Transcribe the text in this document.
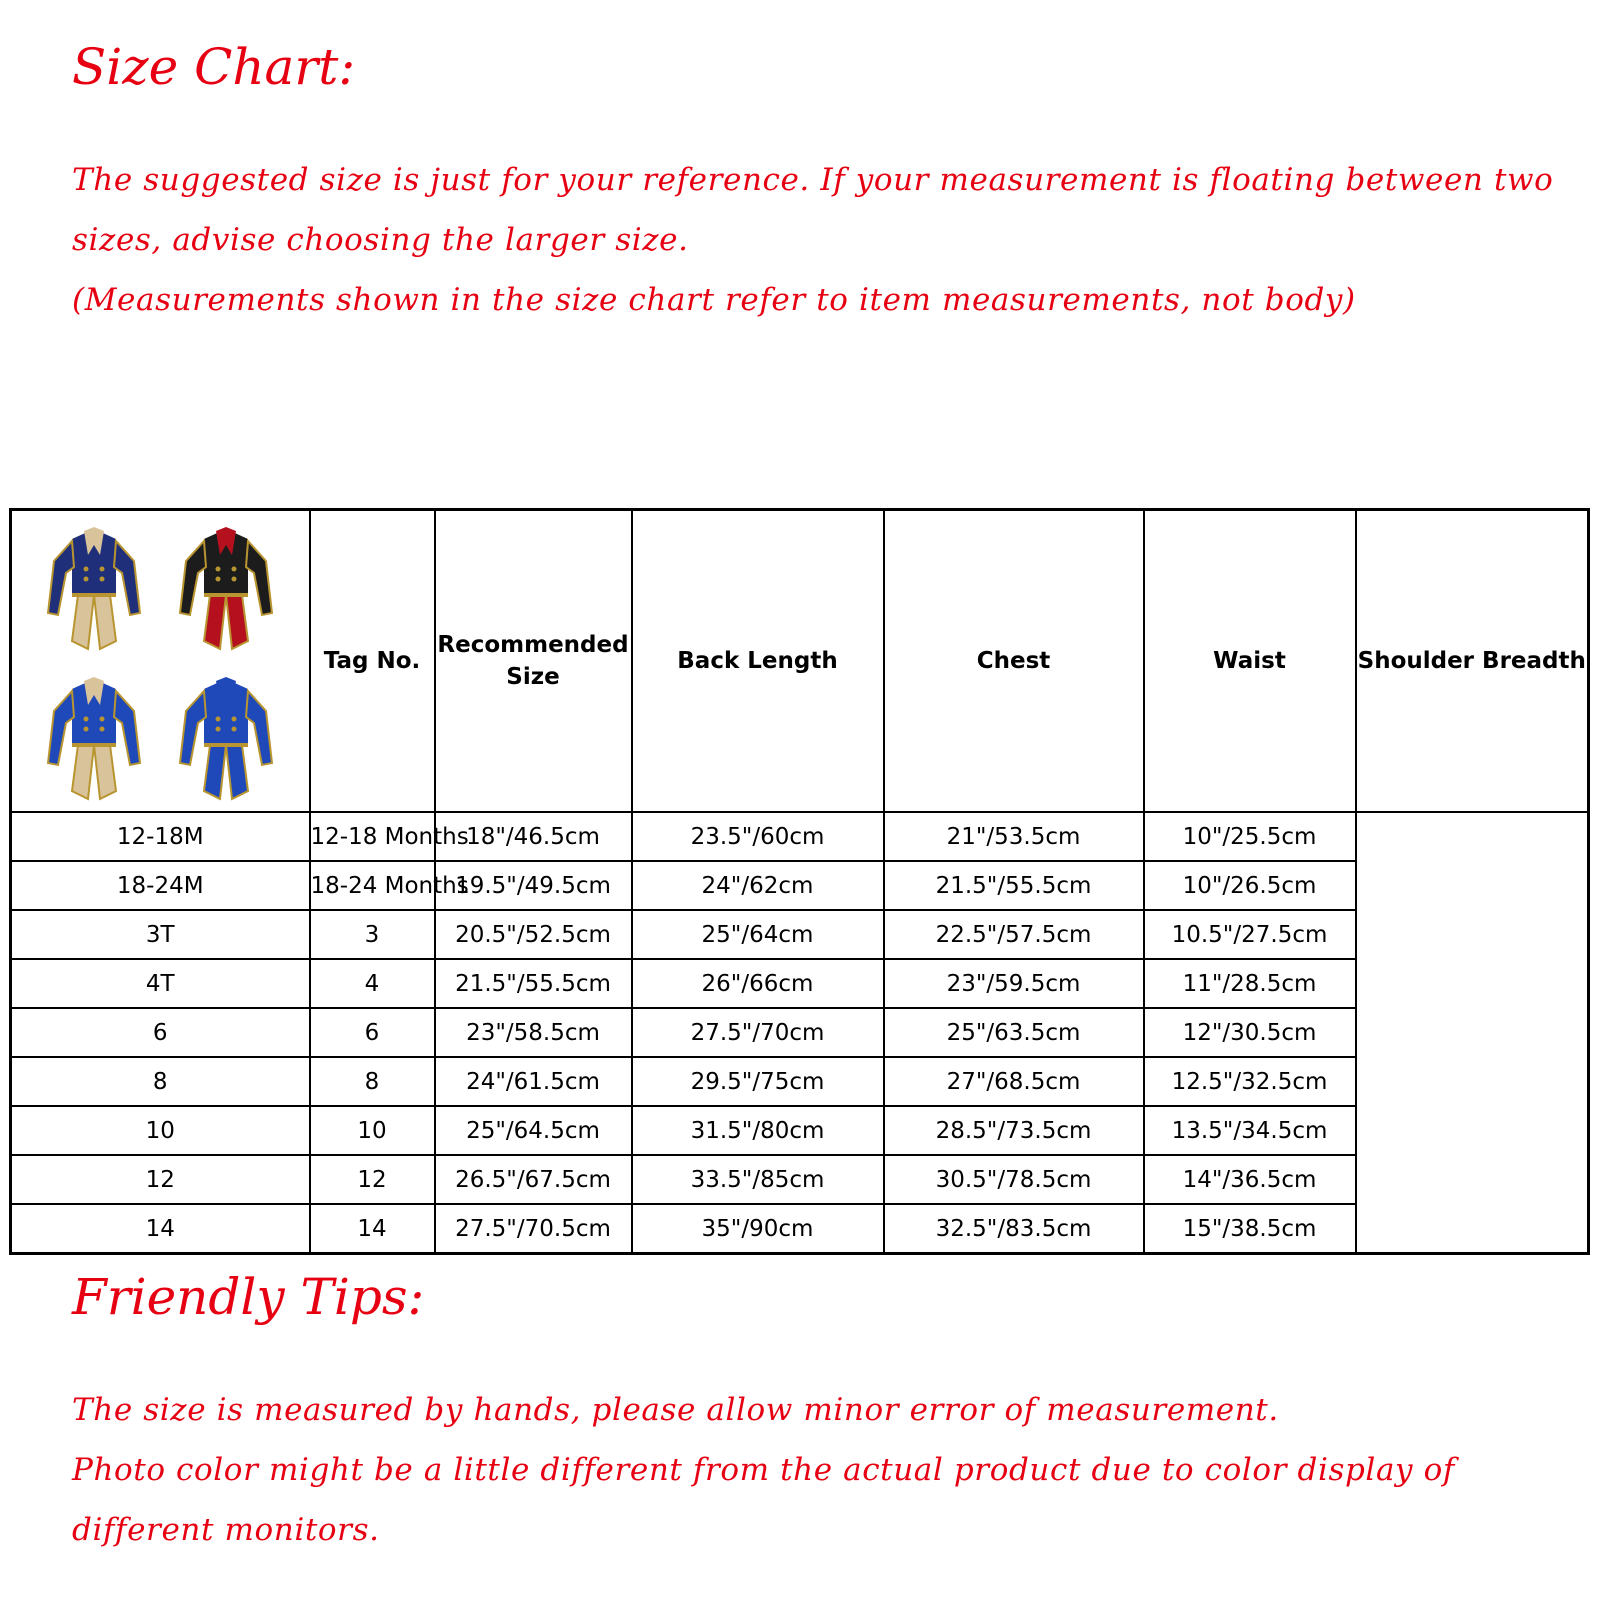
Size Chart:
The suggested size is just for your reference. If your measurement is floating between two
sizes, advise choosing the larger size.
(Measurements shown in the size chart refer to item measurements, not body)
	Tag No.	Recommended Size	Back Length	Chest	Waist	Shoulder Breadth
12-18M	12-18 Months	18"/46.5cm	23.5"/60cm	21"/53.5cm	10"/25.5cm	
18-24M	18-24 Months	19.5"/49.5cm	24"/62cm	21.5"/55.5cm	10"/26.5cm	
3T	3	20.5"/52.5cm	25"/64cm	22.5"/57.5cm	10.5"/27.5cm	
4T	4	21.5"/55.5cm	26"/66cm	23"/59.5cm	11"/28.5cm	
6	6	23"/58.5cm	27.5"/70cm	25"/63.5cm	12"/30.5cm	
8	8	24"/61.5cm	29.5"/75cm	27"/68.5cm	12.5"/32.5cm	
10	10	25"/64.5cm	31.5"/80cm	28.5"/73.5cm	13.5"/34.5cm	
12	12	26.5"/67.5cm	33.5"/85cm	30.5"/78.5cm	14"/36.5cm	
14	14	27.5"/70.5cm	35"/90cm	32.5"/83.5cm	15"/38.5cm	
Friendly Tips:
The size is measured by hands, please allow minor error of measurement.
Photo color might be a little different from the actual product due to color display of
different monitors.
